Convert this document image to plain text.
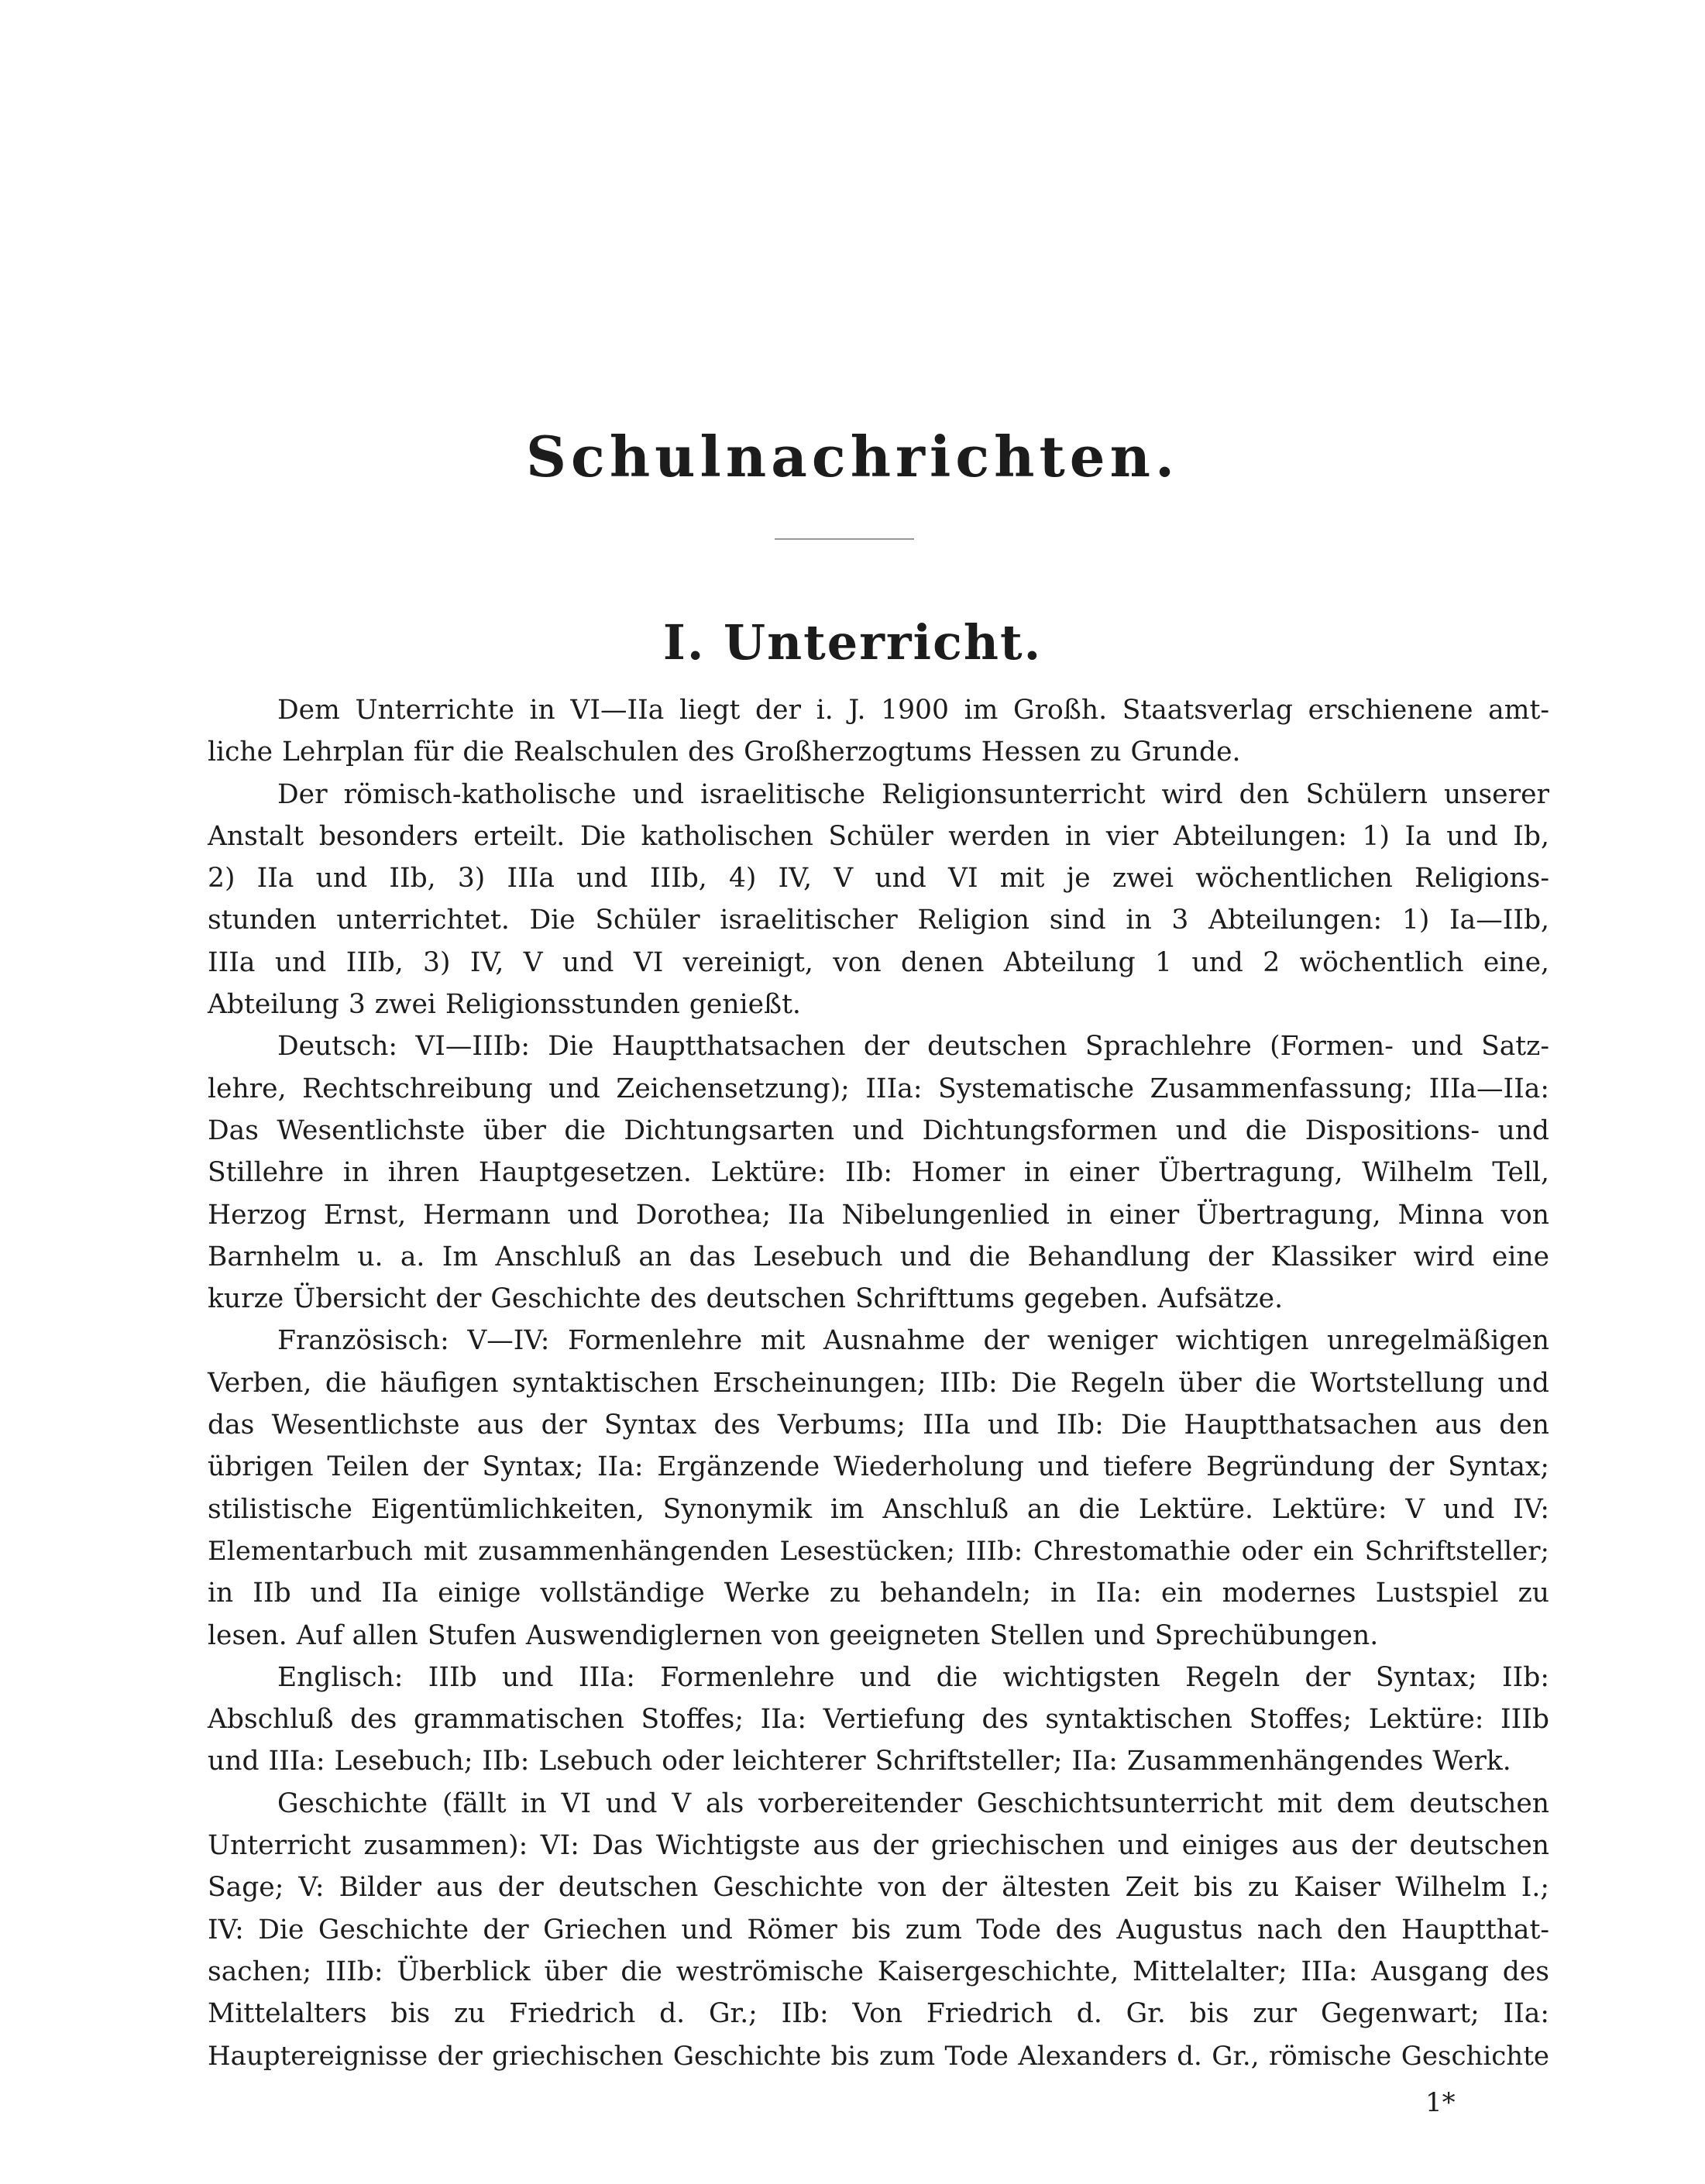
Schulnachrichten.
I. Unterricht.
Dem Unterrichte in VI—IIa liegt der i. J. 1900 im Großh. Staatsverlag erschienene amt-
liche Lehrplan für die Realschulen des Großherzogtums Hessen zu Grunde.
Der römisch-katholische und israelitische Religionsunterricht wird den Schülern unserer
Anstalt besonders erteilt. Die katholischen Schüler werden in vier Abteilungen: 1) Ia und Ib,
2) IIa und IIb, 3) IIIa und IIIb, 4) IV, V und VI mit je zwei wöchentlichen Religions-
stunden unterrichtet. Die Schüler israelitischer Religion sind in 3 Abteilungen: 1) Ia—IIb,
IIIa und IIIb, 3) IV, V und VI vereinigt, von denen Abteilung 1 und 2 wöchentlich eine,
Abteilung 3 zwei Religionsstunden genießt.
Deutsch: VI—IIIb: Die Hauptthatsachen der deutschen Sprachlehre (Formen- und Satz-
lehre, Rechtschreibung und Zeichensetzung); IIIa: Systematische Zusammenfassung; IIIa—IIa:
Das Wesentlichste über die Dichtungsarten und Dichtungsformen und die Dispositions- und
Stillehre in ihren Hauptgesetzen. Lektüre: IIb: Homer in einer Übertragung, Wilhelm Tell,
Herzog Ernst, Hermann und Dorothea; IIa Nibelungenlied in einer Übertragung, Minna von
Barnhelm u. a. Im Anschluß an das Lesebuch und die Behandlung der Klassiker wird eine
kurze Übersicht der Geschichte des deutschen Schrifttums gegeben. Aufsätze.
Französisch: V—IV: Formenlehre mit Ausnahme der weniger wichtigen unregelmäßigen
Verben, die häufigen syntaktischen Erscheinungen; IIIb: Die Regeln über die Wortstellung und
das Wesentlichste aus der Syntax des Verbums; IIIa und IIb: Die Hauptthatsachen aus den
übrigen Teilen der Syntax; IIa: Ergänzende Wiederholung und tiefere Begründung der Syntax;
stilistische Eigentümlichkeiten, Synonymik im Anschluß an die Lektüre. Lektüre: V und IV:
Elementarbuch mit zusammenhängenden Lesestücken; IIIb: Chrestomathie oder ein Schriftsteller;
in IIb und IIa einige vollständige Werke zu behandeln; in IIa: ein modernes Lustspiel zu
lesen. Auf allen Stufen Auswendiglernen von geeigneten Stellen und Sprechübungen.
Englisch: IIIb und IIIa: Formenlehre und die wichtigsten Regeln der Syntax; IIb:
Abschluß des grammatischen Stoffes; IIa: Vertiefung des syntaktischen Stoffes; Lektüre: IIIb
und IIIa: Lesebuch; IIb: Lsebuch oder leichterer Schriftsteller; IIa: Zusammenhängendes Werk.
Geschichte (fällt in VI und V als vorbereitender Geschichtsunterricht mit dem deutschen
Unterricht zusammen): VI: Das Wichtigste aus der griechischen und einiges aus der deutschen
Sage; V: Bilder aus der deutschen Geschichte von der ältesten Zeit bis zu Kaiser Wilhelm I.;
IV: Die Geschichte der Griechen und Römer bis zum Tode des Augustus nach den Hauptthat-
sachen; IIIb: Überblick über die weströmische Kaisergeschichte, Mittelalter; IIIa: Ausgang des
Mittelalters bis zu Friedrich d. Gr.; IIb: Von Friedrich d. Gr. bis zur Gegenwart; IIa:
Hauptereignisse der griechischen Geschichte bis zum Tode Alexanders d. Gr., römische Geschichte
1*
